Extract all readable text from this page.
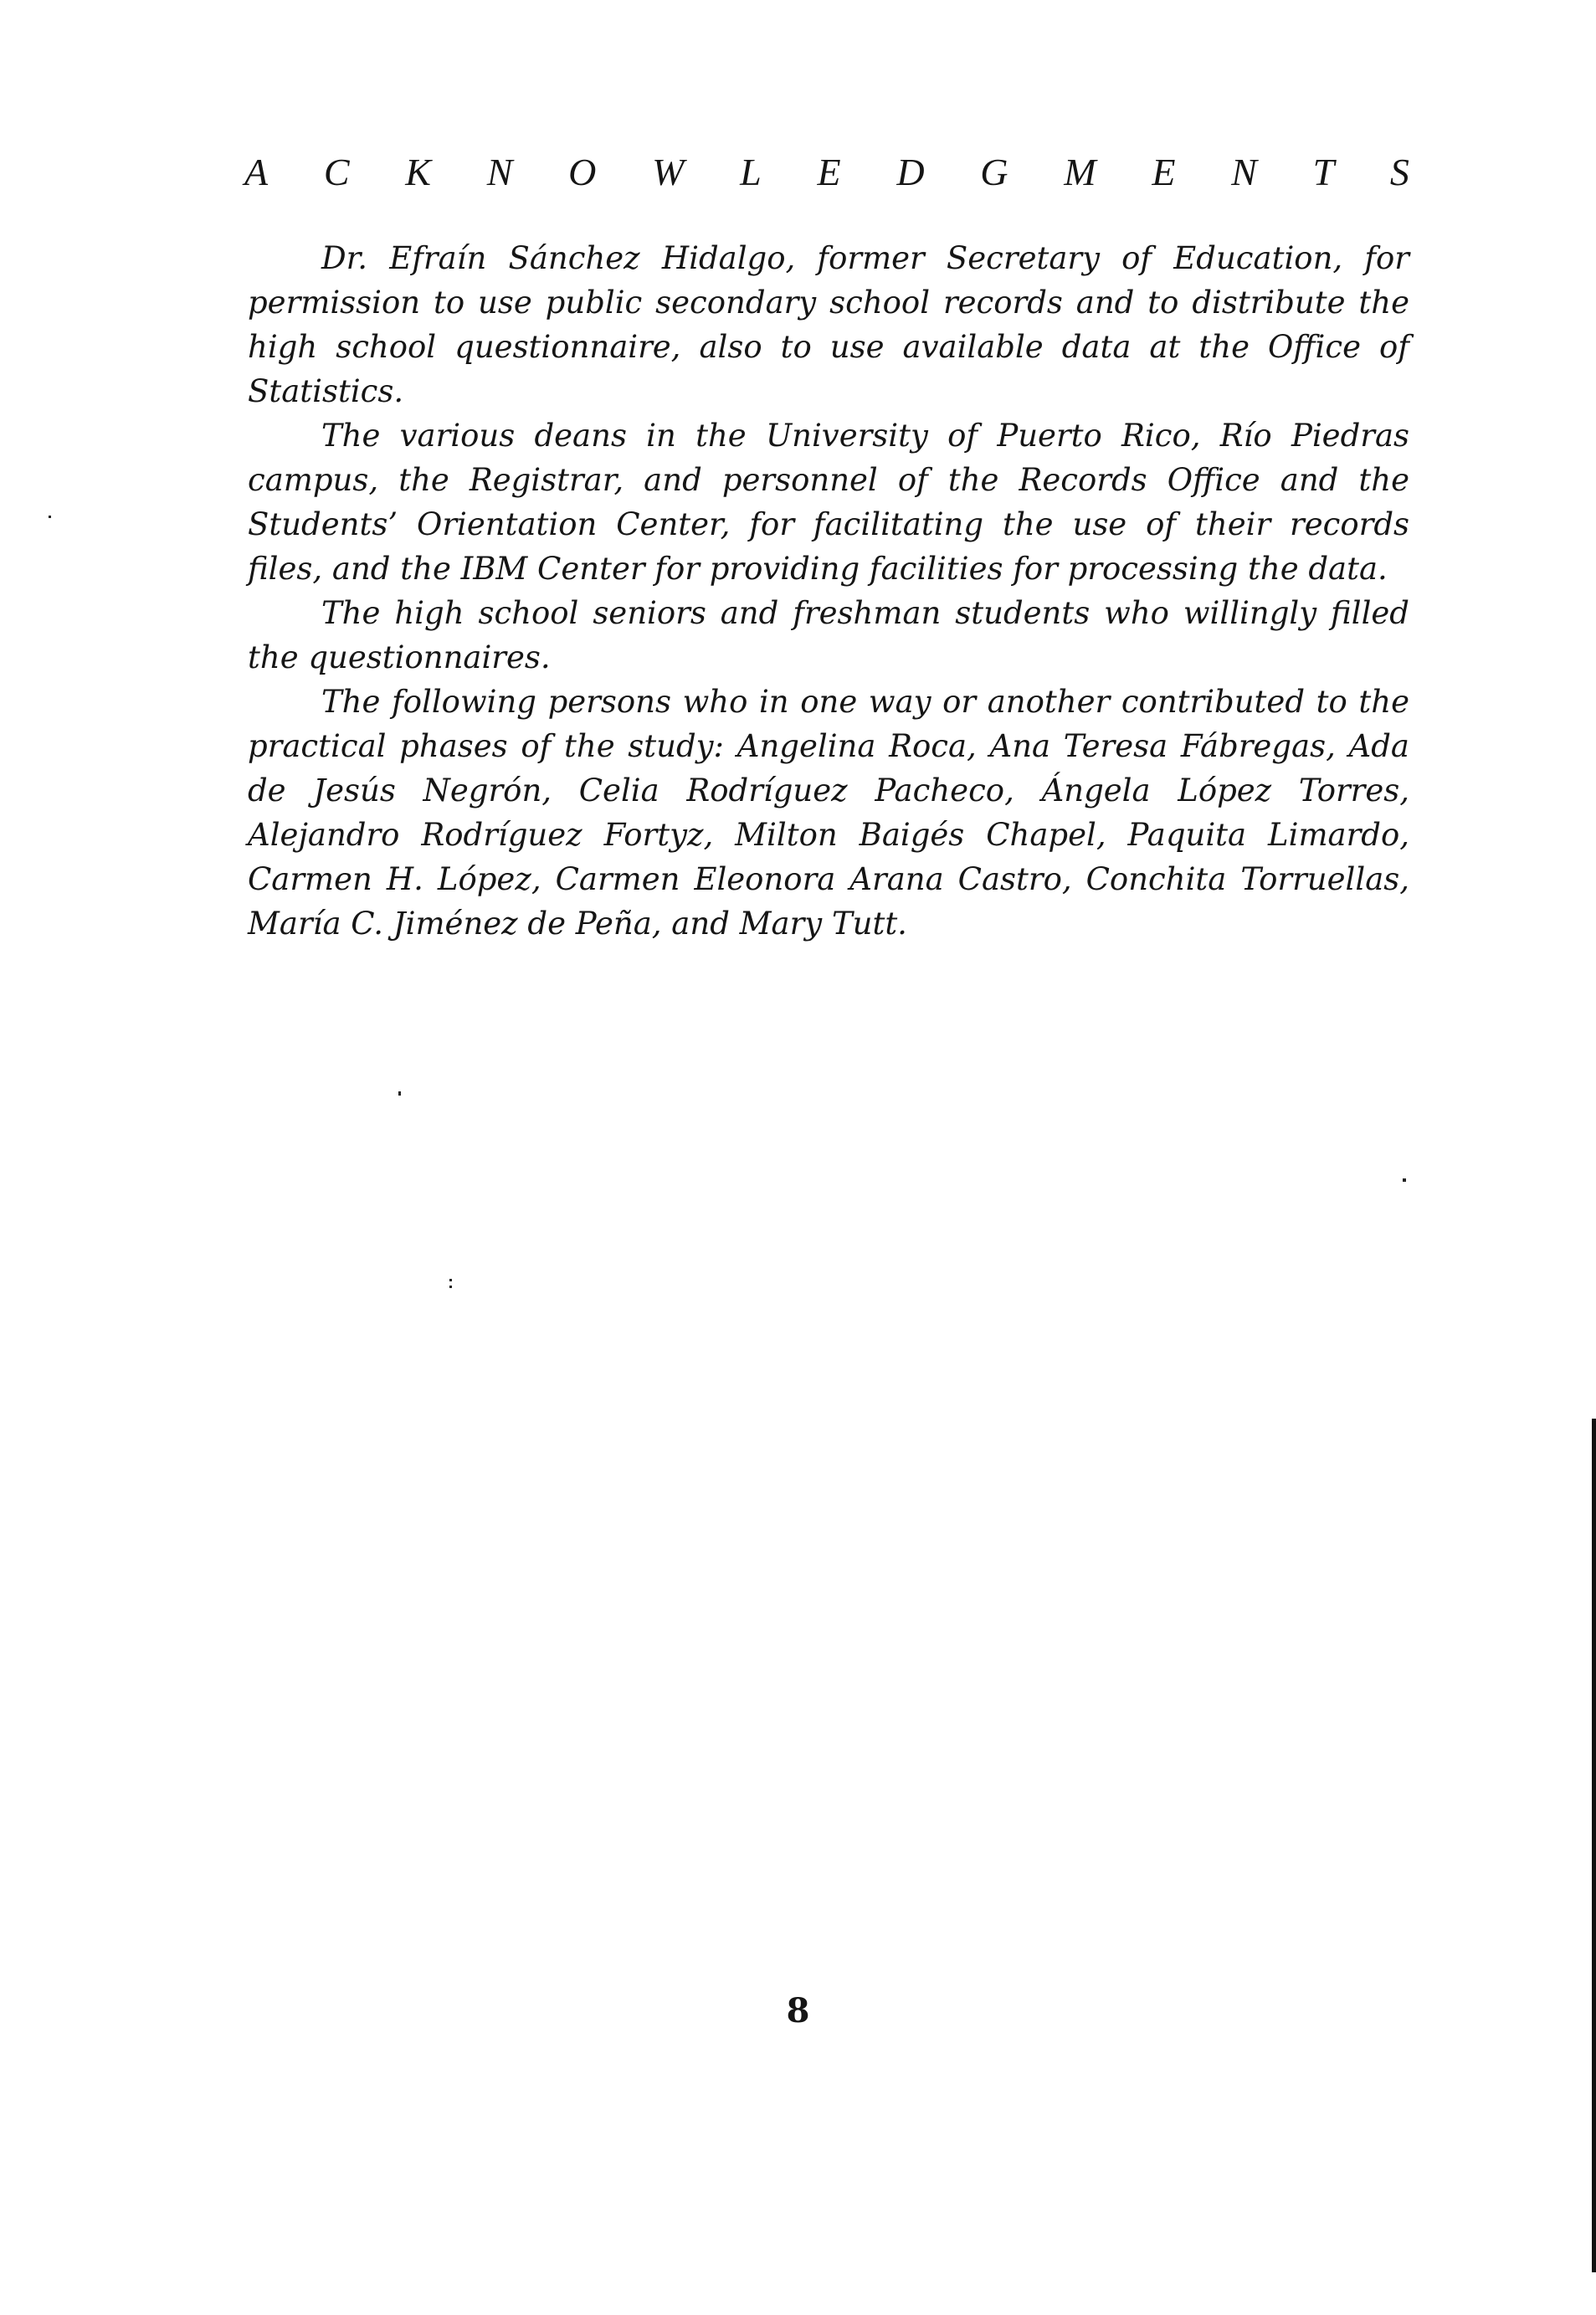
A C K N O W L E D G M E N T S

Dr. Efraín Sánchez Hidalgo, former Secretary of Education, for permission to use public secondary school records and to distribute the high school questionnaire, also to use available data at the Office of Statistics.

The various deans in the University of Puerto Rico, Río Piedras campus, the Registrar, and personnel of the Records Office and the Students’ Orientation Center, for facilitating the use of their records files, and the IBM Center for providing facilities for processing the data.

The high school seniors and freshman students who willingly filled the questionnaires.

The following persons who in one way or another contributed to the practical phases of the study: Angelina Roca, Ana Teresa Fábregas, Ada de Jesús Negrón, Celia Rodríguez Pacheco, Ángela López Torres, Alejandro Rodríguez Fortyz, Milton Baigés Chapel, Paquita Limardo, Carmen H. López, Carmen Eleonora Arana Castro, Conchita Torruellas, María C. Jiménez de Peña, and Mary Tutt.

8
